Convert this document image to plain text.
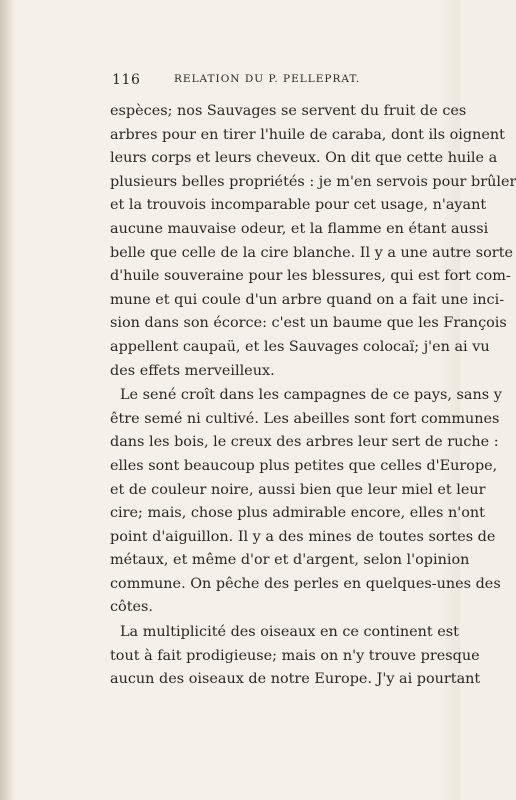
116	RELATION DU P. PELLEPRAT.

espèces; nos Sauvages se servent du fruit de ces

arbres pour en tirer l'huile de caraba, dont ils oignent

leurs corps et leurs cheveux. On dit que cette huile a

plusieurs belles propriétés : je m'en servois pour brûler

et la trouvois incomparable pour cet usage, n'ayant

aucune mauvaise odeur, et la flamme en étant aussi

belle que celle de la cire blanche. Il y a une autre sorte

d'huile souveraine pour les blessures, qui est fort com-

mune et qui coule d'un arbre quand on a fait une inci-

sion dans son écorce: c'est un baume que les François

appellent caupaü, et les Sauvages colocaï; j'en ai vu

des effets merveilleux.

Le sené croît dans les campagnes de ce pays, sans y

être semé ni cultivé. Les abeilles sont fort communes

dans les bois, le creux des arbres leur sert de ruche :

elles sont beaucoup plus petites que celles d'Europe,

et de couleur noire, aussi bien que leur miel et leur

cire; mais, chose plus admirable encore, elles n'ont

point d'aiguillon. Il y a des mines de toutes sortes de

métaux, et même d'or et d'argent, selon l'opinion

commune. On pêche des perles en quelques-unes des

côtes.

La multiplicité des oiseaux en ce continent est

tout à fait prodigieuse; mais on n'y trouve presque

aucun des oiseaux de notre Europe. J'y ai pourtant
